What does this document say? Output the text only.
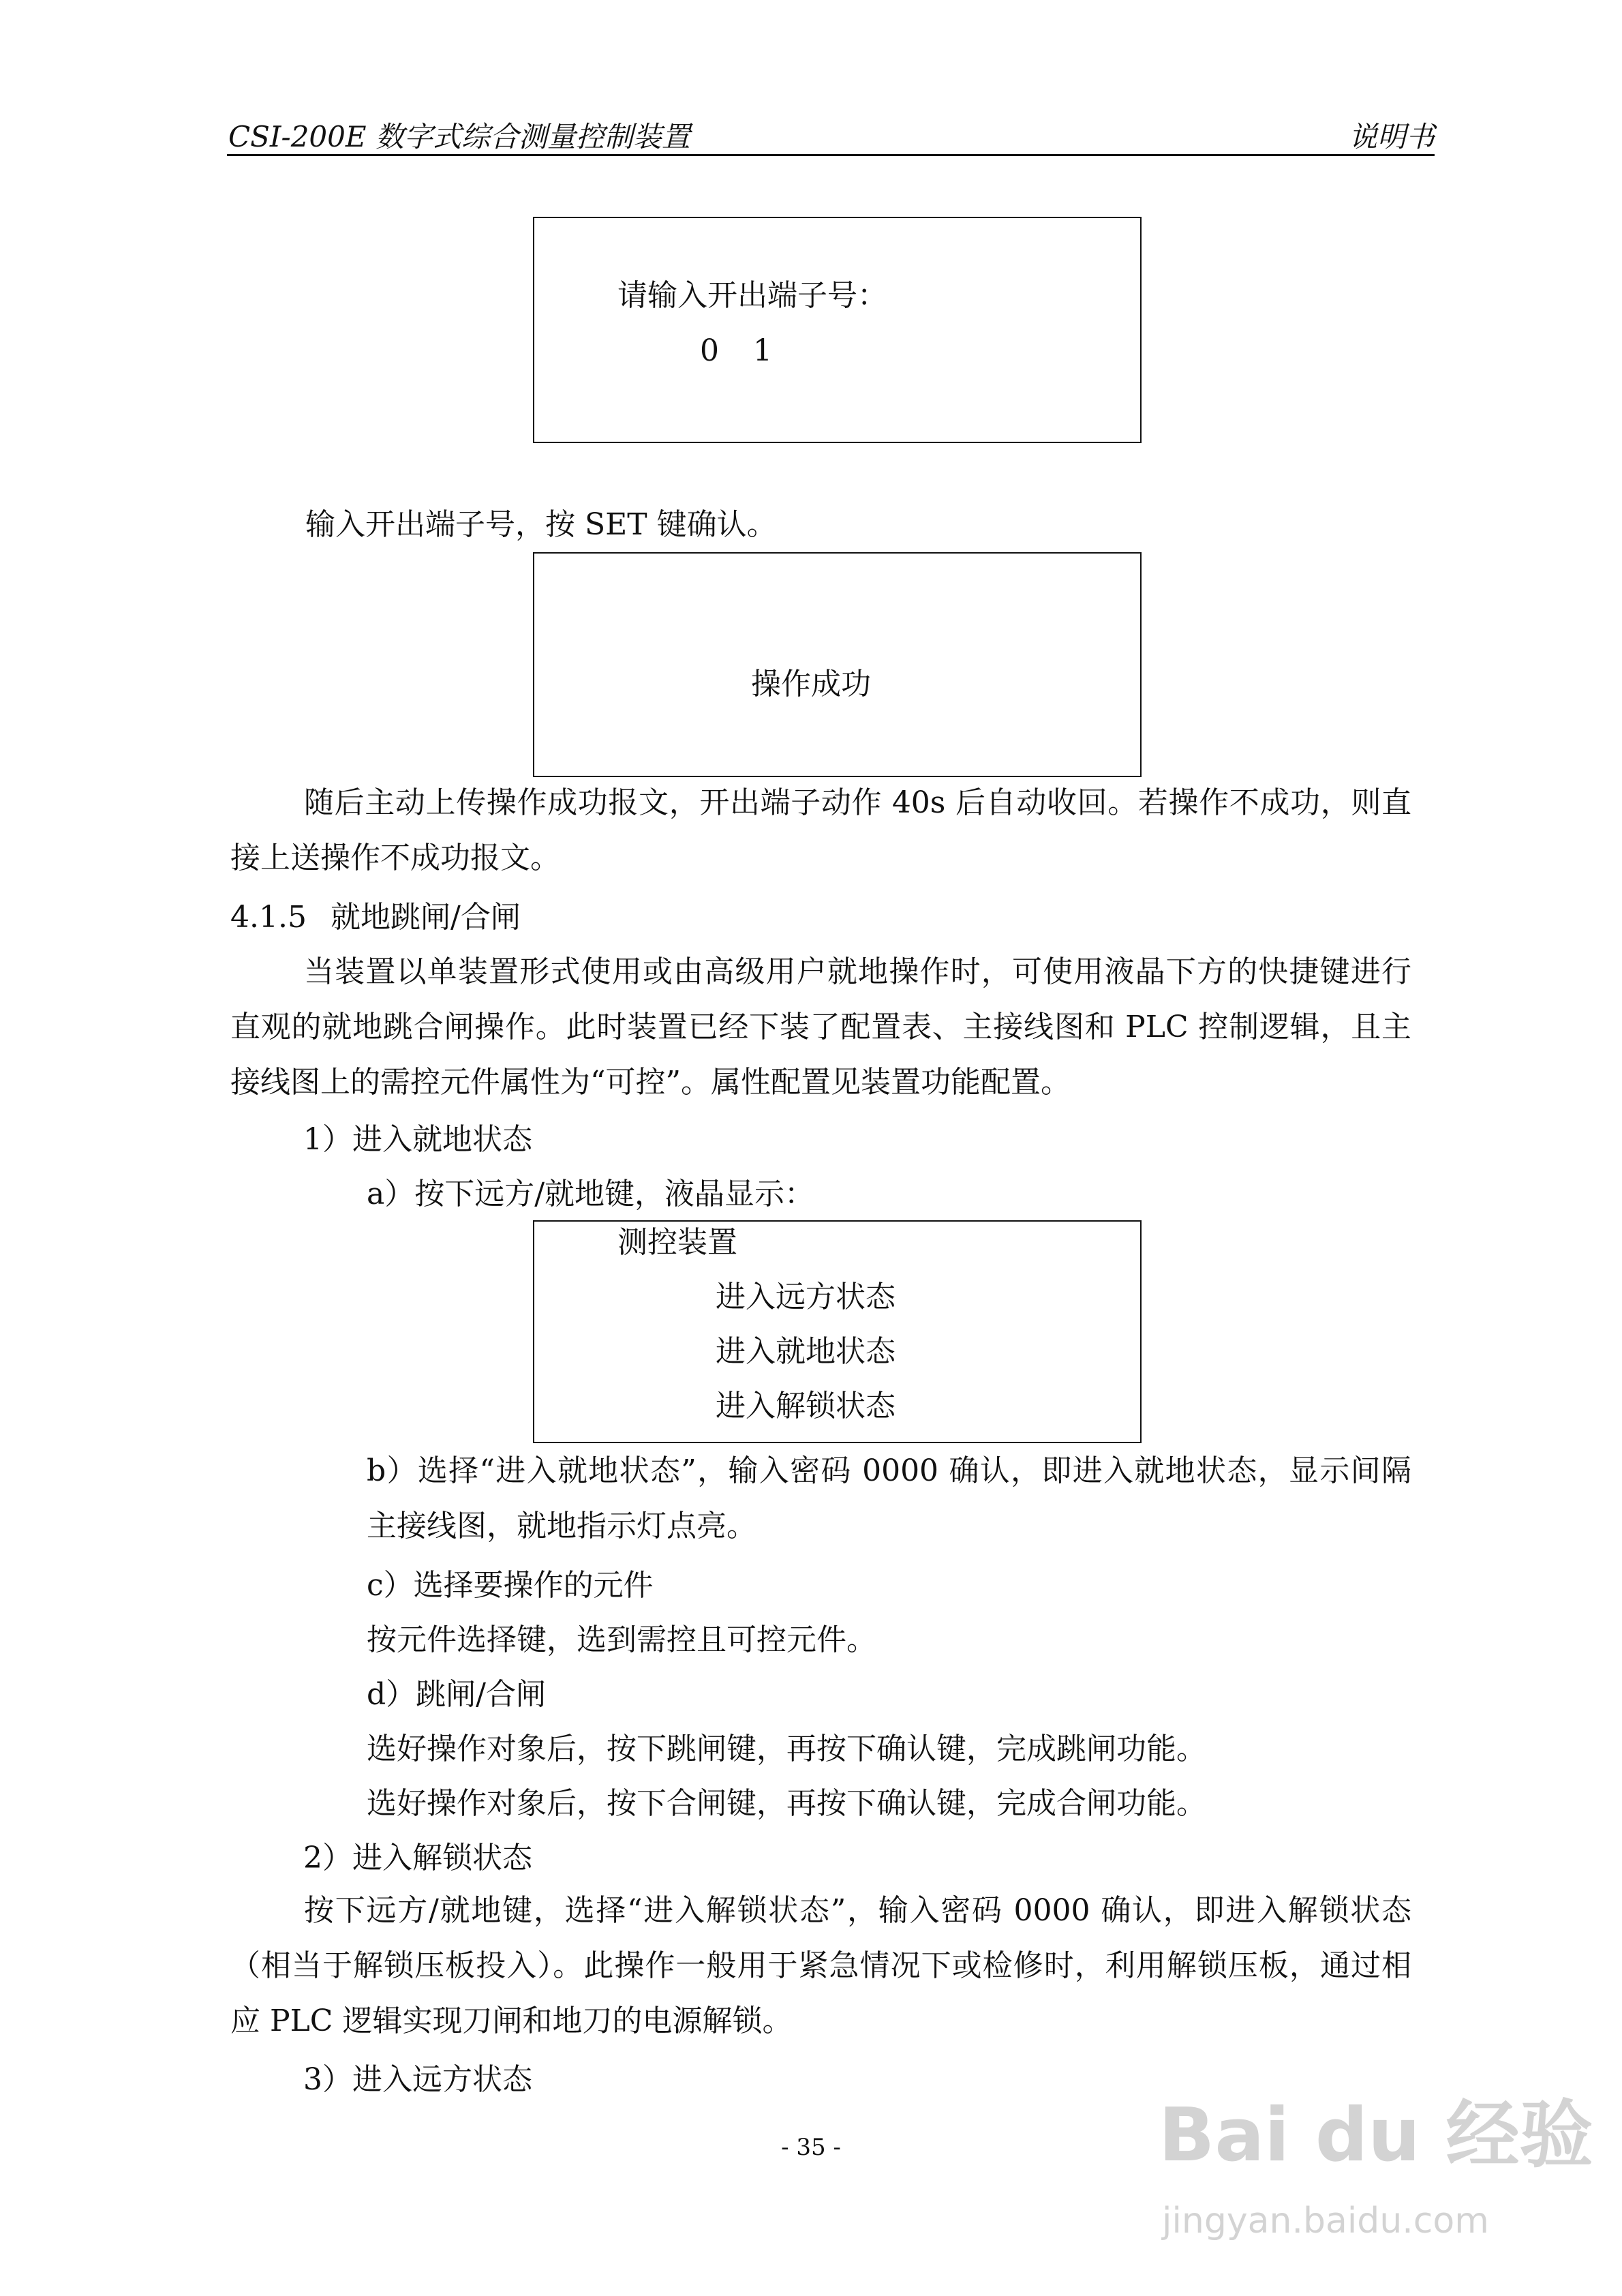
CSI-200E 数字式综合测量控制装置	说明书
请输入开出端子号：
0 1
输入开出端子号，按 SET 键确认。
操作成功
随后主动上传操作成功报文，开出端子动作 40s 后自动收回。若操作不成功，则直接上送操作不成功报文。
4.1.5 就地跳闸/合闸
当装置以单装置形式使用或由高级用户就地操作时，可使用液晶下方的快捷键进行直观的就地跳合闸操作。此时装置已经下装了配置表、主接线图和 PLC 控制逻辑，且主接线图上的需控元件属性为“可控”。属性配置见装置功能配置。
1）进入就地状态
a）按下远方/就地键，液晶显示：
测控装置
进入远方状态
进入就地状态
进入解锁状态
b）选择“进入就地状态”，输入密码 0000 确认，即进入就地状态，显示间隔主接线图，就地指示灯点亮。
c）选择要操作的元件
按元件选择键，选到需控且可控元件。
d）跳闸/合闸
选好操作对象后，按下跳闸键，再按下确认键，完成跳闸功能。
选好操作对象后，按下合闸键，再按下确认键，完成合闸功能。
2）进入解锁状态
按下远方/就地键，选择“进入解锁状态”，输入密码 0000 确认，即进入解锁状态（相当于解锁压板投入）。此操作一般用于紧急情况下或检修时，利用解锁压板，通过相应 PLC 逻辑实现刀闸和地刀的电源解锁。
3）进入远方状态
- 35 -	Bai du 经验
jingyan.baidu.com
